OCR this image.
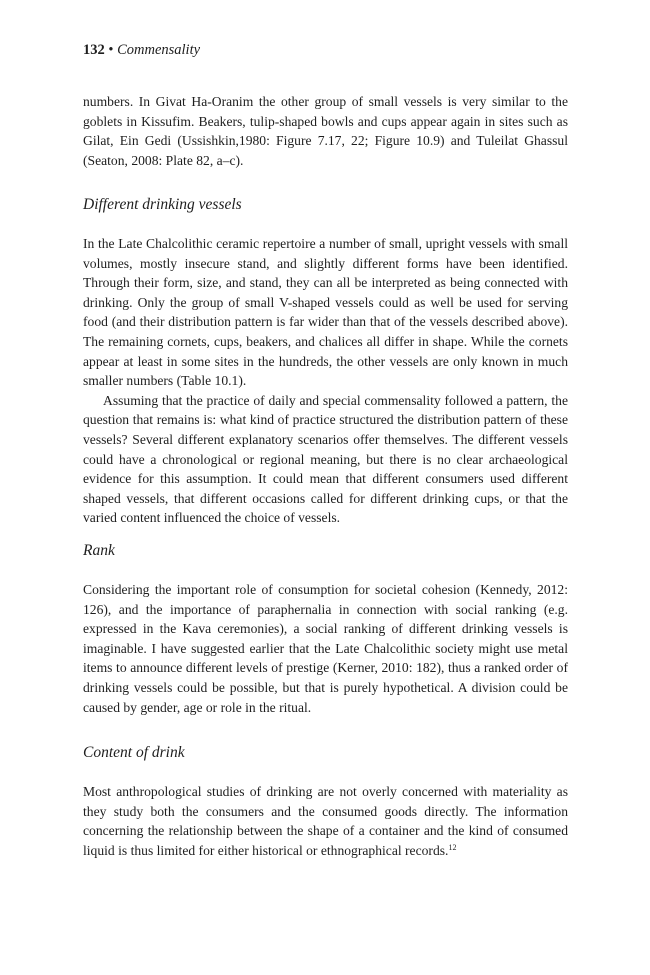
132 • Commensality

numbers. In Givat Ha-Oranim the other group of small vessels is very similar to the goblets in Kissufim. Beakers, tulip-shaped bowls and cups appear again in sites such as Gilat, Ein Gedi (Ussishkin,1980: Figure 7.17, 22; Figure 10.9) and Tuleilat Ghassul (Seaton, 2008: Plate 82, a–c).

Different drinking vessels

In the Late Chalcolithic ceramic repertoire a number of small, upright vessels with small volumes, mostly insecure stand, and slightly different forms have been identified. Through their form, size, and stand, they can all be interpreted as being connected with drinking. Only the group of small V-shaped vessels could as well be used for serving food (and their distribution pattern is far wider than that of the vessels described above). The remaining cornets, cups, beakers, and chalices all differ in shape. While the cornets appear at least in some sites in the hundreds, the other vessels are only known in much smaller numbers (Table 10.1).

Assuming that the practice of daily and special commensality followed a pattern, the question that remains is: what kind of practice structured the distribution pattern of these vessels? Several different explanatory scenarios offer themselves. The different vessels could have a chronological or regional meaning, but there is no clear archaeological evidence for this assumption. It could mean that different consumers used different shaped vessels, that different occasions called for different drinking cups, or that the varied content influenced the choice of vessels.

Rank

Considering the important role of consumption for societal cohesion (Kennedy, 2012: 126), and the importance of paraphernalia in connection with social ranking (e.g. expressed in the Kava ceremonies), a social ranking of different drinking vessels is imaginable. I have suggested earlier that the Late Chalcolithic society might use metal items to announce different levels of prestige (Kerner, 2010: 182), thus a ranked order of drinking vessels could be possible, but that is purely hypothetical. A division could be caused by gender, age or role in the ritual.

Content of drink

Most anthropological studies of drinking are not overly concerned with materiality as they study both the consumers and the consumed goods directly. The information concerning the relationship between the shape of a container and the kind of consumed liquid is thus limited for either historical or ethnographical records.$^{12}$
